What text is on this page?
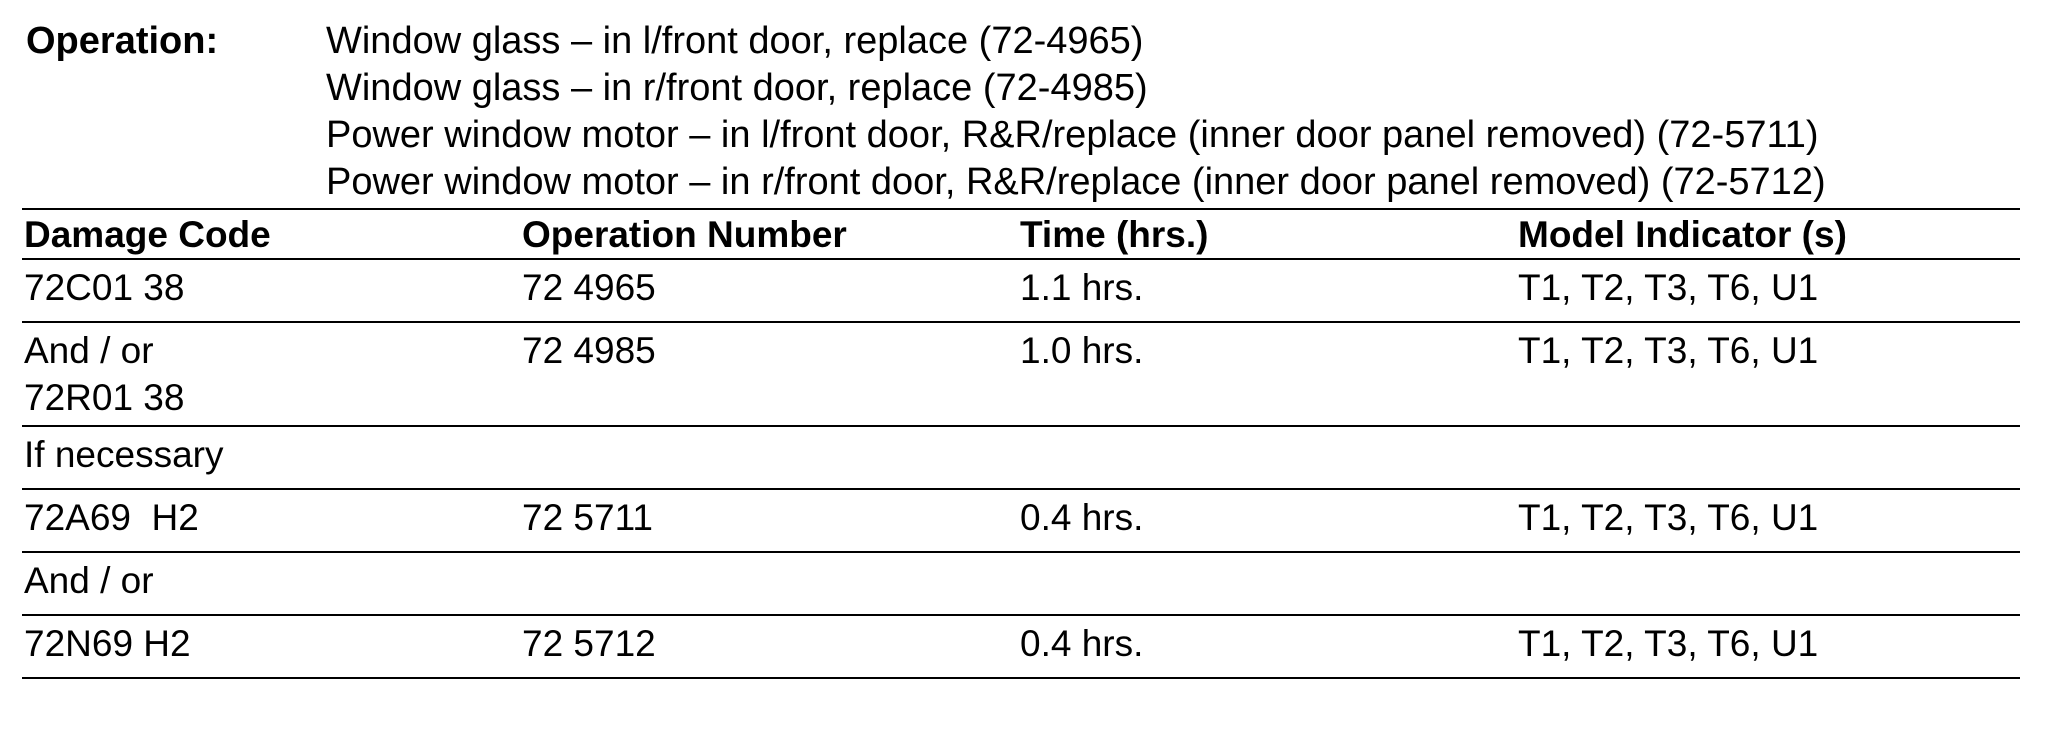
Operation:	Window glass – in l/front door, replace (72-4965)
Window glass – in r/front door, replace (72-4985)
Power window motor – in l/front door, R&R/replace (inner door panel removed) (72-5711)
Power window motor – in r/front door, R&R/replace (inner door panel removed) (72-5712)
Damage Code	Operation Number	Time (hrs.)	Model Indicator (s)

72C01 38	72 4965	1.1 hrs.	T1, T2, T3, T6, U1

And / or
72R01 38	72 4985	1.0 hrs.	T1, T2, T3, T6, U1

If necessary			

72A69  H2	72 5711	0.4 hrs.	T1, T2, T3, T6, U1

And / or			

72N69 H2	72 5712	0.4 hrs.	T1, T2, T3, T6, U1
